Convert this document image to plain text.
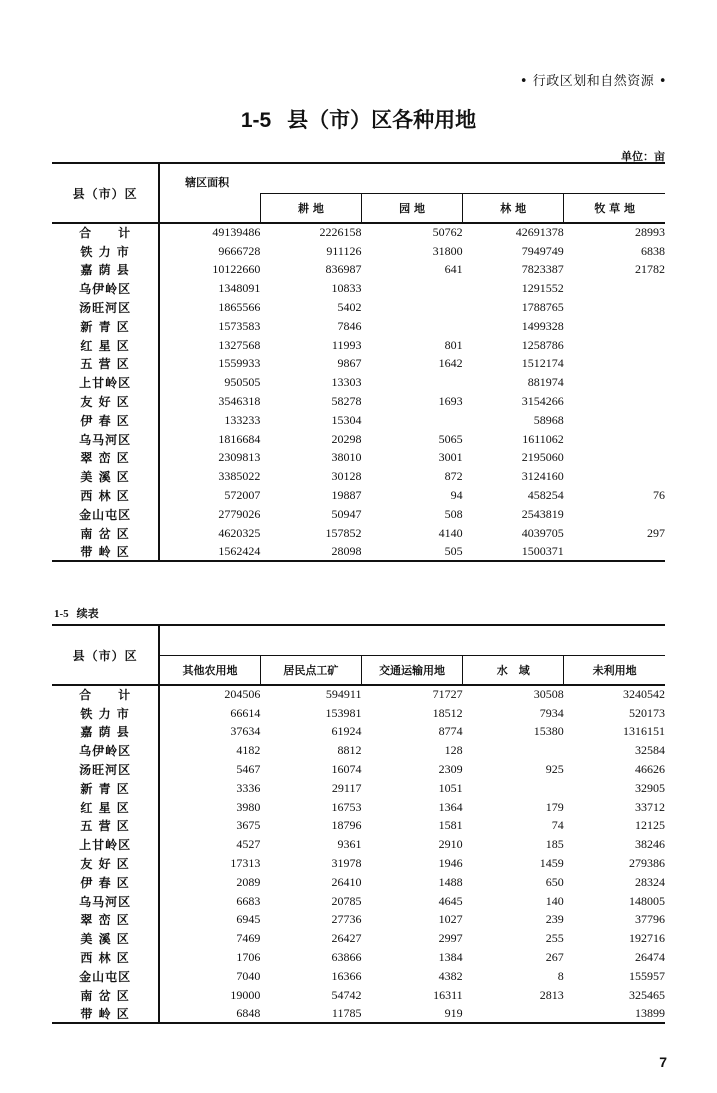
• 行政区划和自然资源 •
1-5 县（市）区各种用地
单位：亩
县（市）区	辖区面积				
		耕 地	园 地	林 地	牧 草 地
合　　计	49139486	2226158	50762	42691378	28993
铁 力 市	9666728	911126	31800	7949749	6838
嘉 荫 县	10122660	836987	641	7823387	21782
乌伊岭区	1348091	10833		1291552	
汤旺河区	1865566	5402		1788765	
新 青 区	1573583	7846		1499328	
红 星 区	1327568	11993	801	1258786	
五 营 区	1559933	9867	1642	1512174	
上甘岭区	950505	13303		881974	
友 好 区	3546318	58278	1693	3154266	
伊 春 区	133233	15304		58968	
乌马河区	1816684	20298	5065	1611062	
翠 峦 区	2309813	38010	3001	2195060	
美 溪 区	3385022	30128	872	3124160	
西 林 区	572007	19887	94	458254	76
金山屯区	2779026	50947	508	2543819	
南 岔 区	4620325	157852	4140	4039705	297
带 岭 区	1562424	28098	505	1500371	
1-5 续表
县（市）区					
	其他农用地	居民点工矿	交通运输用地	水　域	未利用地
合　　计	204506	594911	71727	30508	3240542
铁 力 市	66614	153981	18512	7934	520173
嘉 荫 县	37634	61924	8774	15380	1316151
乌伊岭区	4182	8812	128		32584
汤旺河区	5467	16074	2309	925	46626
新 青 区	3336	29117	1051		32905
红 星 区	3980	16753	1364	179	33712
五 营 区	3675	18796	1581	74	12125
上甘岭区	4527	9361	2910	185	38246
友 好 区	17313	31978	1946	1459	279386
伊 春 区	2089	26410	1488	650	28324
乌马河区	6683	20785	4645	140	148005
翠 峦 区	6945	27736	1027	239	37796
美 溪 区	7469	26427	2997	255	192716
西 林 区	1706	63866	1384	267	26474
金山屯区	7040	16366	4382	8	155957
南 岔 区	19000	54742	16311	2813	325465
带 岭 区	6848	11785	919		13899
7
